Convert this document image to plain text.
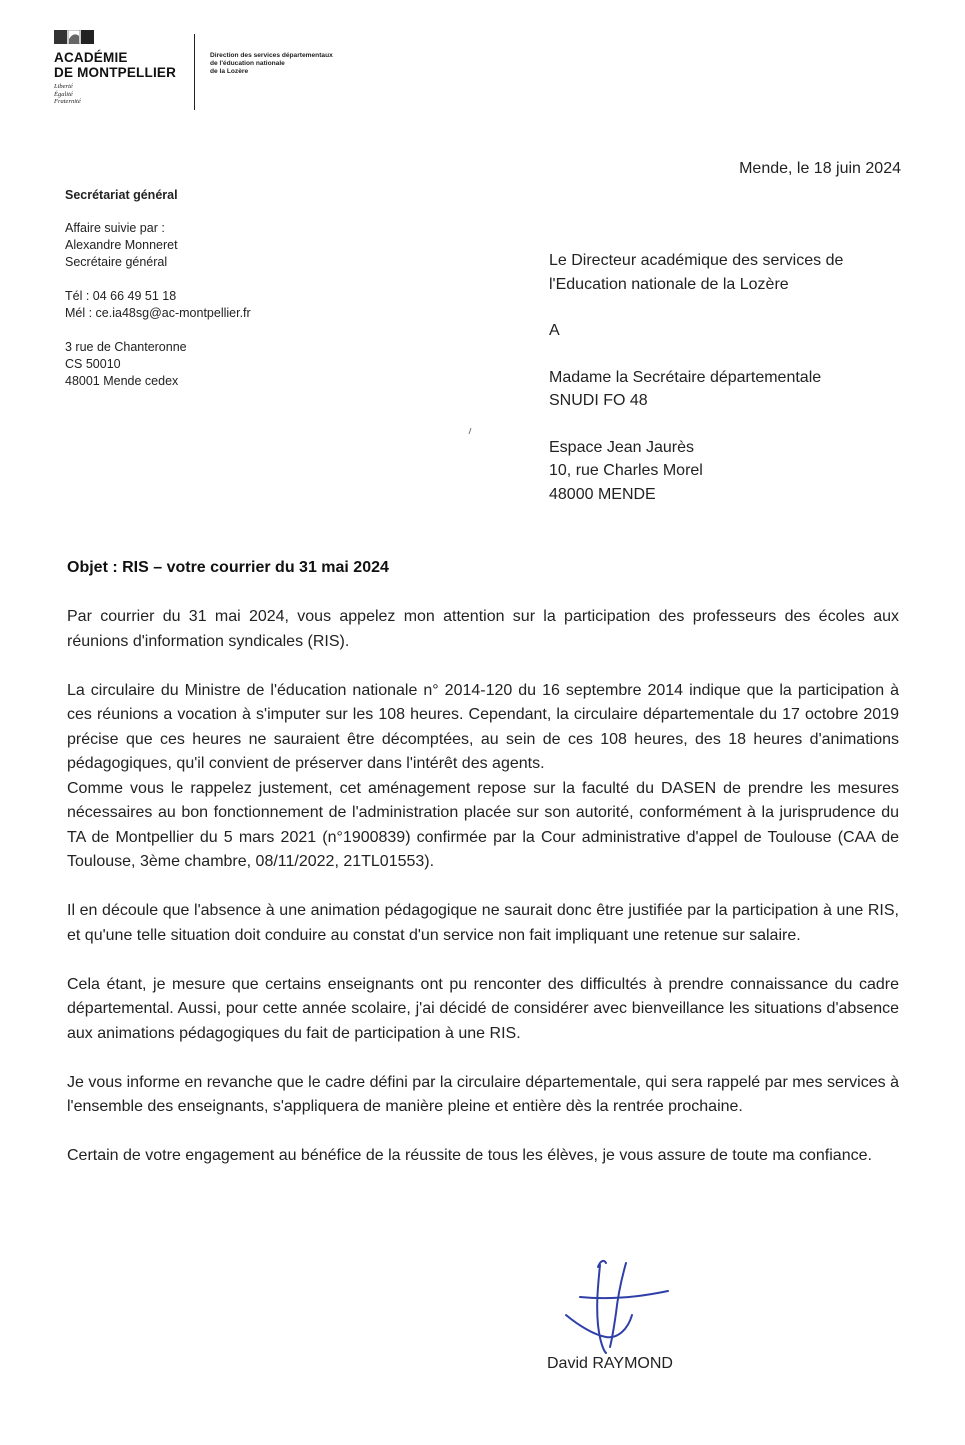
ACADÉMIE
DE MONTPELLIER
Liberté
Égalité
Fraternité
Direction des services départementaux
de l'éducation nationale
de la Lozère
Mende, le 18 juin 2024
Secrétariat général
Affaire suivie par :
Alexandre Monneret
Secrétaire général
Tél : 04 66 49 51 18
Mél : ce.ia48sg@ac-montpellier.fr
3 rue de Chanteronne
CS 50010
48001 Mende cedex
Le Directeur académique des services de
l'Education nationale de la Lozère
A
Madame la Secrétaire départementale
SNUDI FO 48
Espace Jean Jaurès
10, rue Charles Morel
48000 MENDE
Objet : RIS – votre courrier du 31 mai 2024

Par courrier du 31 mai 2024, vous appelez mon attention sur la participation des professeurs des écoles aux réunions d'information syndicales (RIS).

La circulaire du Ministre de l'éducation nationale n° 2014-120 du 16 septembre 2014 indique que la participation à ces réunions a vocation à s'imputer sur les 108 heures. Cependant, la circulaire départementale du 17 octobre 2019 précise que ces heures ne sauraient être décomptées, au sein de ces 108 heures, des 18 heures d'animations pédagogiques, qu'il convient de préserver dans l'intérêt des agents.

Comme vous le rappelez justement, cet aménagement repose sur la faculté du DASEN de prendre les mesures nécessaires au bon fonctionnement de l'administration placée sur son autorité, conformément à la jurisprudence du TA de Montpellier du 5 mars 2021 (n°1900839) confirmée par la Cour administrative d'appel de Toulouse (CAA de Toulouse, 3ème chambre, 08/11/2022, 21TL01553).

Il en découle que l'absence à une animation pédagogique ne saurait donc être justifiée par la participation à une RIS, et qu'une telle situation doit conduire au constat d'un service non fait impliquant une retenue sur salaire.

Cela étant, je mesure que certains enseignants ont pu renconter des difficultés à prendre connaissance du cadre départemental. Aussi, pour cette année scolaire, j'ai décidé de considérer avec bienveillance les situations d'absence aux animations pédagogiques du fait de participation à une RIS.

Je vous informe en revanche que le cadre défini par la circulaire départementale, qui sera rappelé par mes services à l'ensemble des enseignants, s'appliquera de manière pleine et entière dès la rentrée prochaine.

Certain de votre engagement au bénéfice de la réussite de tous les élèves, je vous assure de toute ma confiance.

David RAYMOND
